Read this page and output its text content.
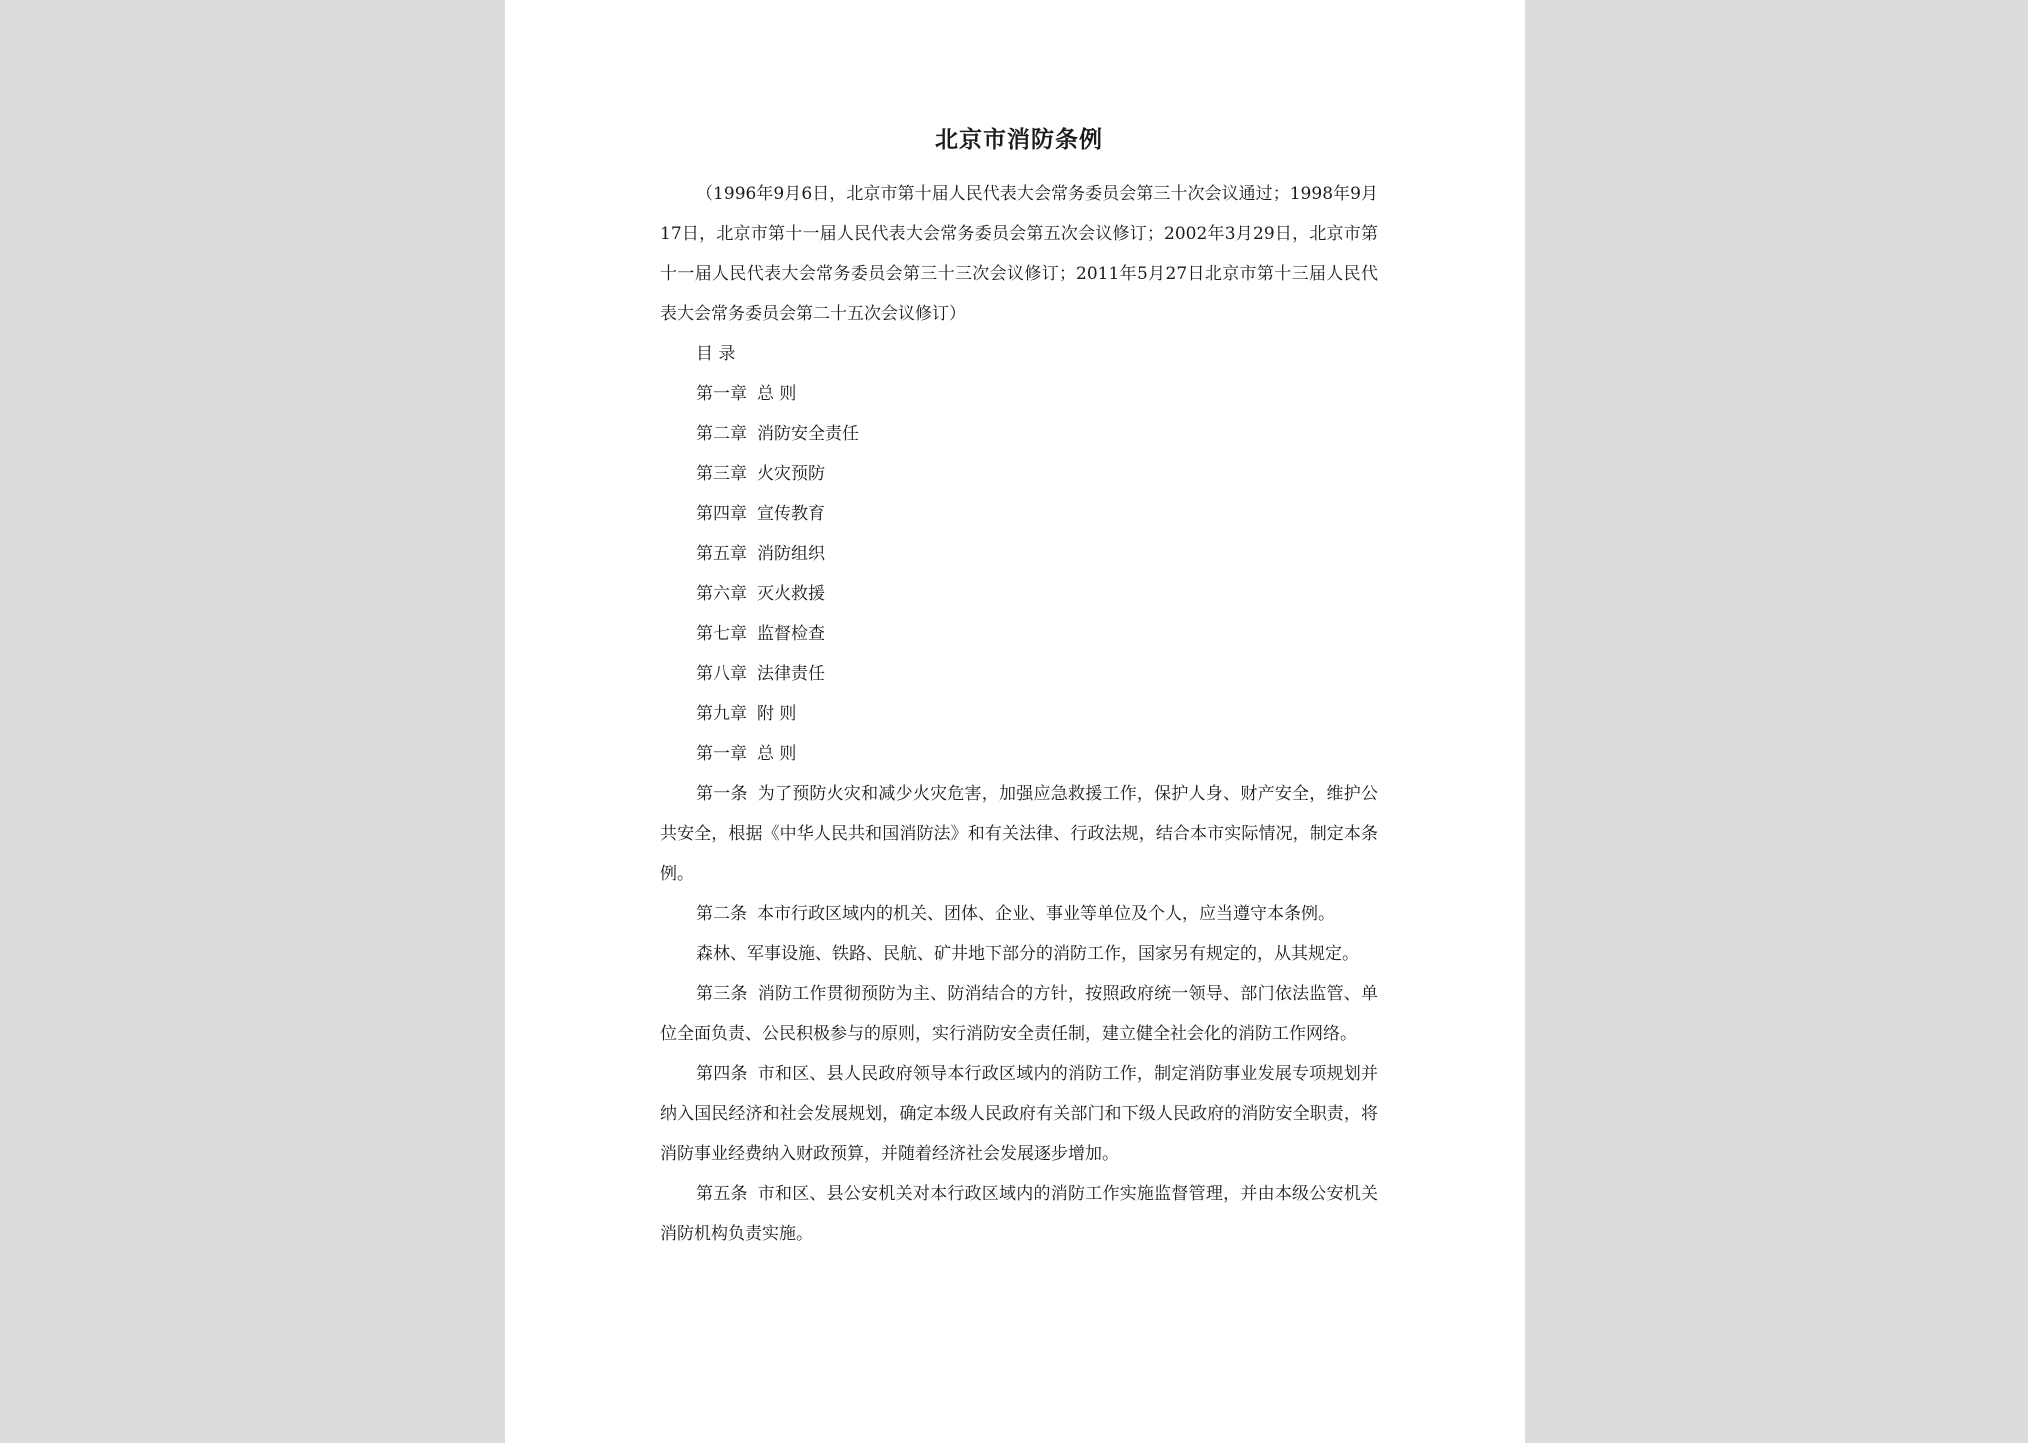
北京市消防条例

（1996年9月6日，北京市第十届人民代表大会常务委员会第三十次会议通过；1998年9月17日，北京市第十一届人民代表大会常务委员会第五次会议修订；2002年3月29日，北京市第十一届人民代表大会常务委员会第三十三次会议修订；2011年5月27日北京市第十三届人民代表大会常务委员会第二十五次会议修订）

目 录
第一章 总 则
第二章 消防安全责任
第三章 火灾预防
第四章 宣传教育
第五章 消防组织
第六章 灭火救援
第七章 监督检查
第八章 法律责任
第九章 附 则
第一章 总 则

第一条 为了预防火灾和减少火灾危害，加强应急救援工作，保护人身、财产安全，维护公共安全，根据《中华人民共和国消防法》和有关法律、行政法规，结合本市实际情况，制定本条例。

第二条 本市行政区域内的机关、团体、企业、事业等单位及个人，应当遵守本条例。

森林、军事设施、铁路、民航、矿井地下部分的消防工作，国家另有规定的，从其规定。

第三条 消防工作贯彻预防为主、防消结合的方针，按照政府统一领导、部门依法监管、单位全面负责、公民积极参与的原则，实行消防安全责任制，建立健全社会化的消防工作网络。

第四条 市和区、县人民政府领导本行政区域内的消防工作，制定消防事业发展专项规划并纳入国民经济和社会发展规划，确定本级人民政府有关部门和下级人民政府的消防安全职责，将消防事业经费纳入财政预算，并随着经济社会发展逐步增加。

第五条 市和区、县公安机关对本行政区域内的消防工作实施监督管理，并由本级公安机关消防机构负责实施。
